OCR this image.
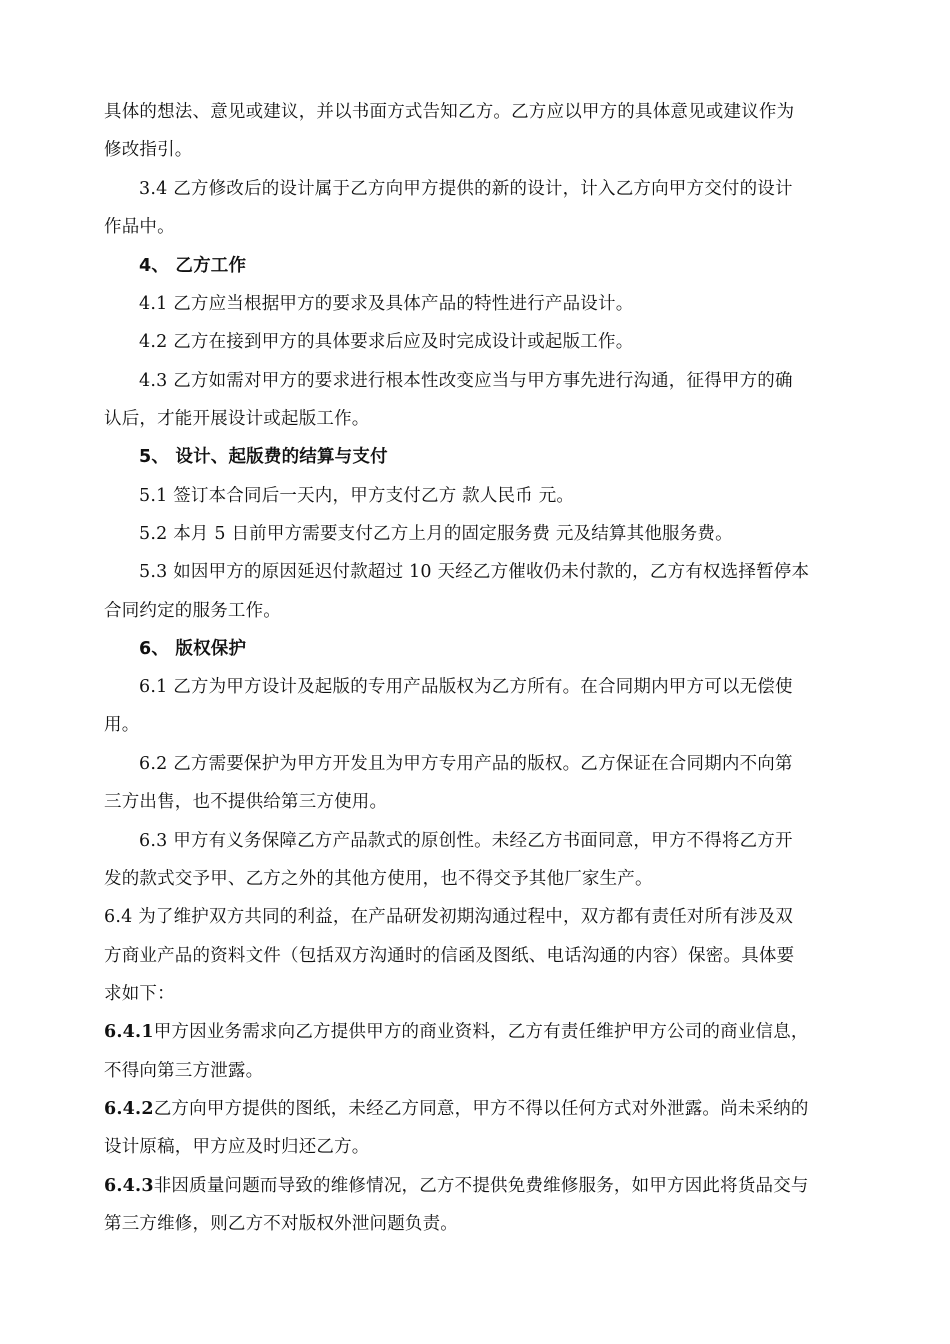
具体的想法、意见或建议，并以书面方式告知乙方。乙方应以甲方的具体意见或建议作为
修改指引。
3.4 乙方修改后的设计属于乙方向甲方提供的新的设计，计入乙方向甲方交付的设计
作品中。
4、 乙方工作
4.1 乙方应当根据甲方的要求及具体产品的特性进行产品设计。
4.2 乙方在接到甲方的具体要求后应及时完成设计或起版工作。
4.3 乙方如需对甲方的要求进行根本性改变应当与甲方事先进行沟通，征得甲方的确
认后，才能开展设计或起版工作。
5、 设计、起版费的结算与支付
5.1 签订本合同后一天内，甲方支付乙方 款人民币 元。
5.2 本月 5 日前甲方需要支付乙方上月的固定服务费 元及结算其他服务费。
5.3 如因甲方的原因延迟付款超过 10 天经乙方催收仍未付款的，乙方有权选择暂停本
合同约定的服务工作。
6、 版权保护
6.1 乙方为甲方设计及起版的专用产品版权为乙方所有。在合同期内甲方可以无偿使
用。
6.2 乙方需要保护为甲方开发且为甲方专用产品的版权。乙方保证在合同期内不向第
三方出售，也不提供给第三方使用。
6.3 甲方有义务保障乙方产品款式的原创性。未经乙方书面同意，甲方不得将乙方开
发的款式交予甲、乙方之外的其他方使用，也不得交予其他厂家生产。
6.4 为了维护双方共同的利益，在产品研发初期沟通过程中，双方都有责任对所有涉及双
方商业产品的资料文件（包括双方沟通时的信函及图纸、电话沟通的内容）保密。具体要
求如下：
6.4.1甲方因业务需求向乙方提供甲方的商业资料，乙方有责任维护甲方公司的商业信息，
不得向第三方泄露。
6.4.2乙方向甲方提供的图纸，未经乙方同意，甲方不得以任何方式对外泄露。尚未采纳的
设计原稿，甲方应及时归还乙方。
6.4.3非因质量问题而导致的维修情况，乙方不提供免费维修服务，如甲方因此将货品交与
第三方维修，则乙方不对版权外泄问题负责。
